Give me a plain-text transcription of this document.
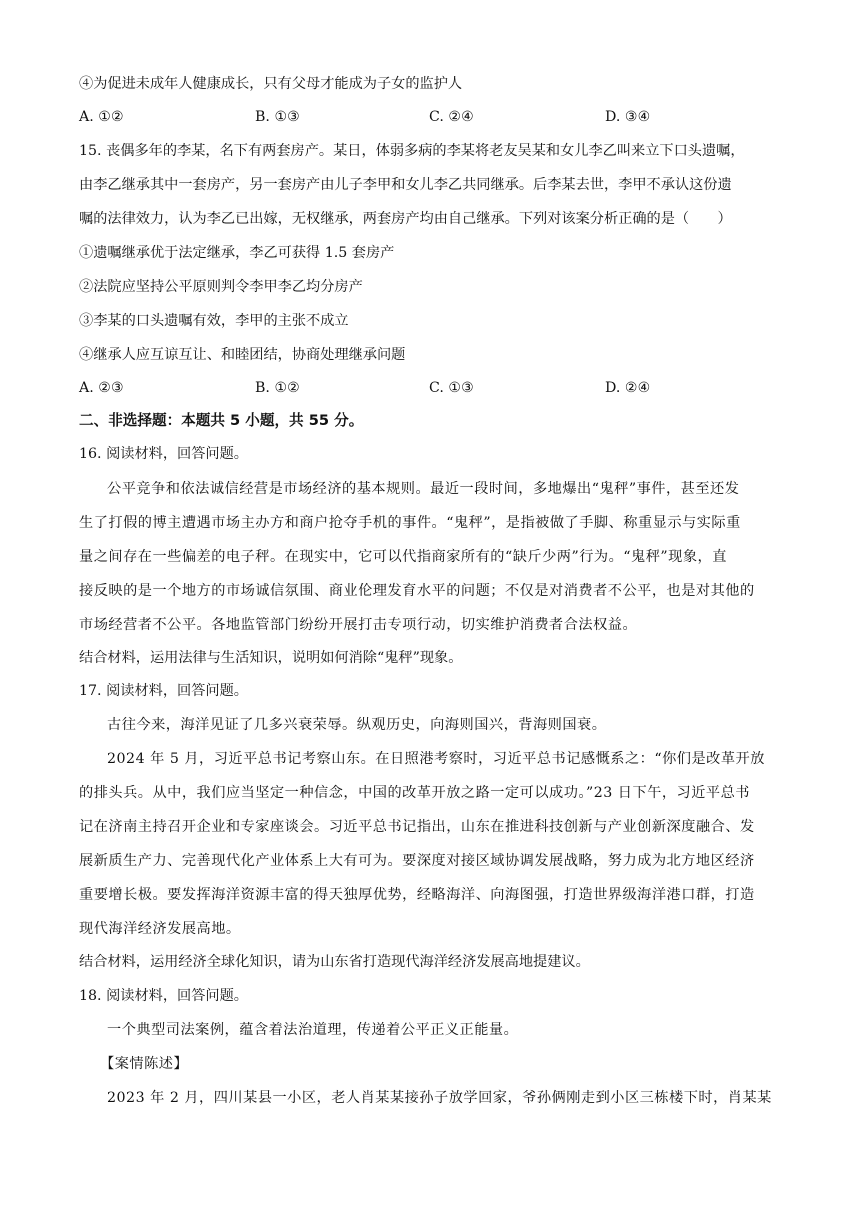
④为促进未成年人健康成长，只有父母才能成为子女的监护人
A. ①②	B. ①③	C. ②④	D. ③④
15. 丧偶多年的李某，名下有两套房产。某日，体弱多病的李某将老友吴某和女儿李乙叫来立下口头遗嘱，
由李乙继承其中一套房产，另一套房产由儿子李甲和女儿李乙共同继承。后李某去世，李甲不承认这份遗
嘱的法律效力，认为李乙已出嫁，无权继承，两套房产均由自己继承。下列对该案分析正确的是（　　）
①遗嘱继承优于法定继承，李乙可获得 1.5 套房产
②法院应坚持公平原则判令李甲李乙均分房产
③李某的口头遗嘱有效，李甲的主张不成立
④继承人应互谅互让、和睦团结，协商处理继承问题
A. ②③	B. ①②	C. ①③	D. ②④
二、非选择题：本题共 5 小题，共 55 分。
16. 阅读材料，回答问题。
公平竞争和依法诚信经营是市场经济的基本规则。最近一段时间，多地爆出“鬼秤”事件，甚至还发
生了打假的博主遭遇市场主办方和商户抢夺手机的事件。“鬼秤”，是指被做了手脚、称重显示与实际重
量之间存在一些偏差的电子秤。在现实中，它可以代指商家所有的“缺斤少两”行为。“鬼秤”现象，直
接反映的是一个地方的市场诚信氛围、商业伦理发育水平的问题；不仅是对消费者不公平，也是对其他的
市场经营者不公平。各地监管部门纷纷开展打击专项行动，切实维护消费者合法权益。
结合材料，运用法律与生活知识，说明如何消除“鬼秤”现象。
17. 阅读材料，回答问题。
古往今来，海洋见证了几多兴衰荣辱。纵观历史，向海则国兴，背海则国衰。
2024 年 5 月，习近平总书记考察山东。在日照港考察时，习近平总书记感慨系之：“你们是改革开放
的排头兵。从中，我们应当坚定一种信念，中国的改革开放之路一定可以成功。”23 日下午，习近平总书
记在济南主持召开企业和专家座谈会。习近平总书记指出，山东在推进科技创新与产业创新深度融合、发
展新质生产力、完善现代化产业体系上大有可为。要深度对接区域协调发展战略，努力成为北方地区经济
重要增长极。要发挥海洋资源丰富的得天独厚优势，经略海洋、向海图强，打造世界级海洋港口群，打造
现代海洋经济发展高地。
结合材料，运用经济全球化知识，请为山东省打造现代海洋经济发展高地提建议。
18. 阅读材料，回答问题。
一个典型司法案例，蕴含着法治道理，传递着公平正义正能量。
【案情陈述】
2023 年 2 月，四川某县一小区，老人肖某某接孙子放学回家，爷孙俩刚走到小区三栋楼下时，肖某某
